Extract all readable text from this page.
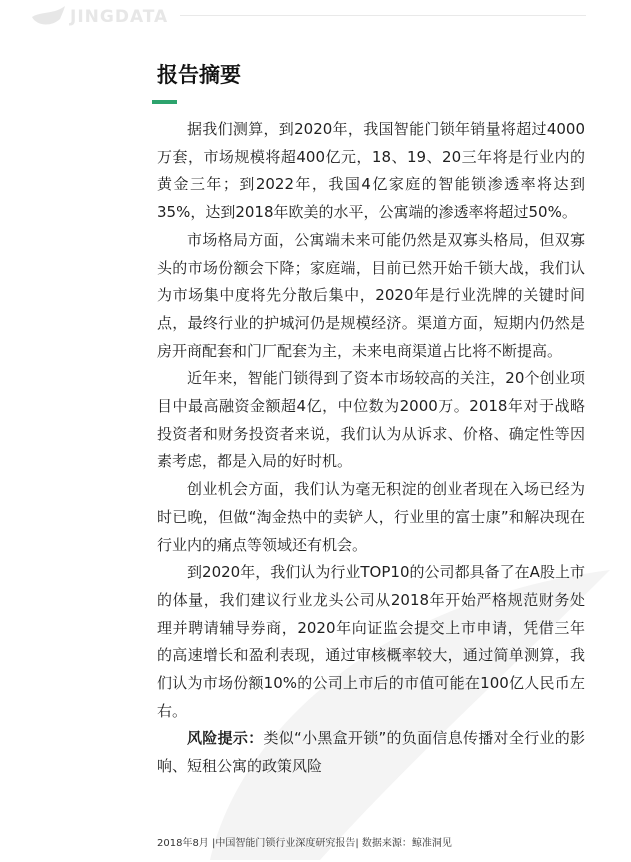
JINGDATA
报告摘要

据我们测算，到2020年，我国智能门锁年销量将超过4000万套，市场规模将超400亿元，18、19、20三年将是行业内的黄金三年；到2022年，我国4亿家庭的智能锁渗透率将达到35%，达到2018年欧美的水平，公寓端的渗透率将超过50%。

市场格局方面，公寓端未来可能仍然是双寡头格局，但双寡头的市场份额会下降；家庭端，目前已然开始千锁大战，我们认为市场集中度将先分散后集中，2020年是行业洗牌的关键时间点，最终行业的护城河仍是规模经济。渠道方面，短期内仍然是房开商配套和门厂配套为主，未来电商渠道占比将不断提高。

近年来，智能门锁得到了资本市场较高的关注，20个创业项目中最高融资金额超4亿，中位数为2000万。2018年对于战略投资者和财务投资者来说，我们认为从诉求、价格、确定性等因素考虑，都是入局的好时机。

创业机会方面，我们认为毫无积淀的创业者现在入场已经为时已晚，但做“淘金热中的卖铲人，行业里的富士康”和解决现在行业内的痛点等领域还有机会。

到2020年，我们认为行业TOP10的公司都具备了在A股上市的体量，我们建议行业龙头公司从2018年开始严格规范财务处理并聘请辅导券商，2020年向证监会提交上市申请，凭借三年的高速增长和盈利表现，通过审核概率较大，通过简单测算，我们认为市场份额10%的公司上市后的市值可能在100亿人民币左右。

风险提示：类似“小黑盒开锁”的负面信息传播对全行业的影响、短租公寓的政策风险

2018年8月 |中国智能门锁行业深度研究报告| 数据来源：鲸准洞见
